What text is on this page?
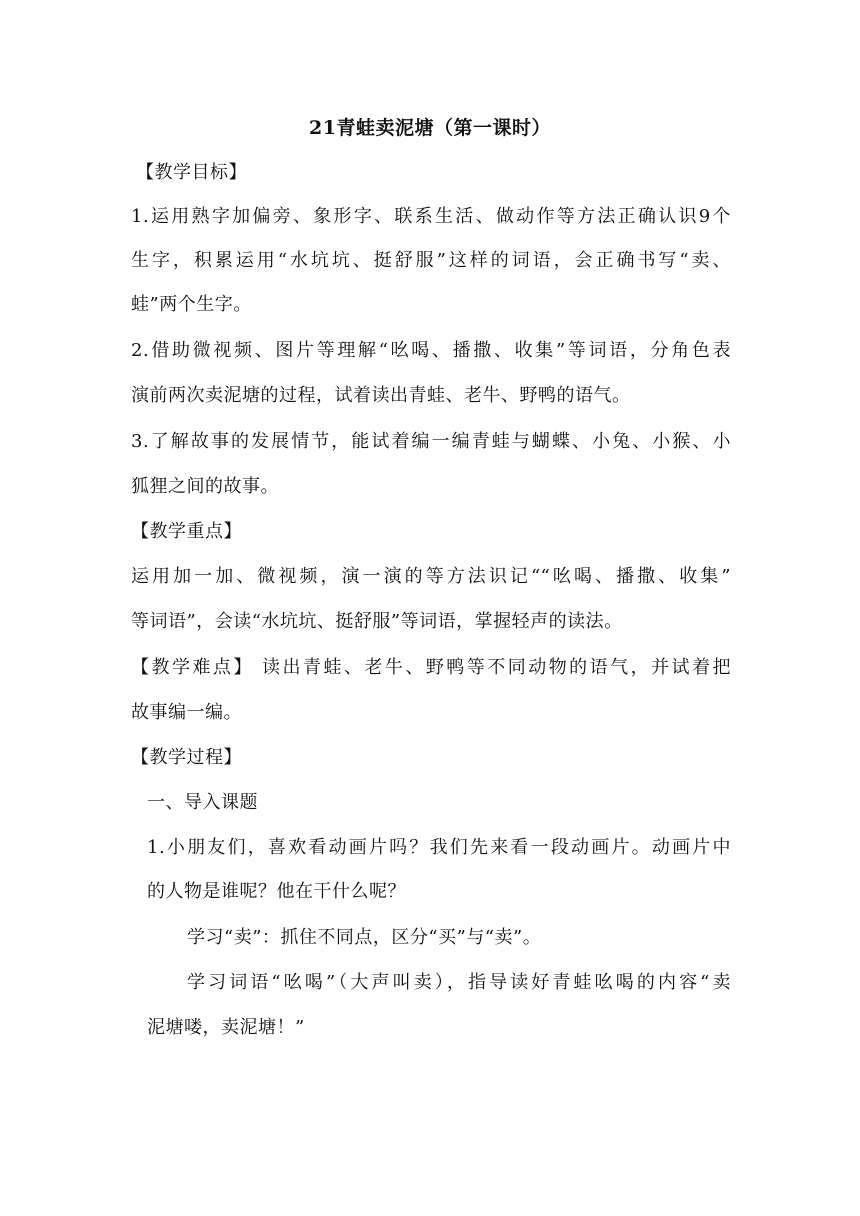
21青蛙卖泥塘（第一课时）
【教学目标】
1.运用熟字加偏旁、象形字、联系生活、做动作等方法正确认识9个
生字，积累运用“水坑坑、挺舒服”这样的词语，会正确书写“卖、
蛙”两个生字。
2.借助微视频、图片等理解“吆喝、播撒、收集”等词语，分角色表
演前两次卖泥塘的过程，试着读出青蛙、老牛、野鸭的语气。
3.了解故事的发展情节，能试着编一编青蛙与蝴蝶、小兔、小猴、小
狐狸之间的故事。
【教学重点】
运用加一加、微视频，演一演的等方法识记““吆喝、播撒、收集”
等词语”，会读“水坑坑、挺舒服”等词语，掌握轻声的读法。
【教学难点】 读出青蛙、老牛、野鸭等不同动物的语气，并试着把
故事编一编。
【教学过程】
一、导入课题
1.小朋友们，喜欢看动画片吗？我们先来看一段动画片。动画片中
的人物是谁呢？他在干什么呢？
学习“卖”：抓住不同点，区分“买”与“卖”。
学习词语“吆喝”（大声叫卖），指导读好青蛙吆喝的内容“卖
泥塘喽，卖泥塘！”
